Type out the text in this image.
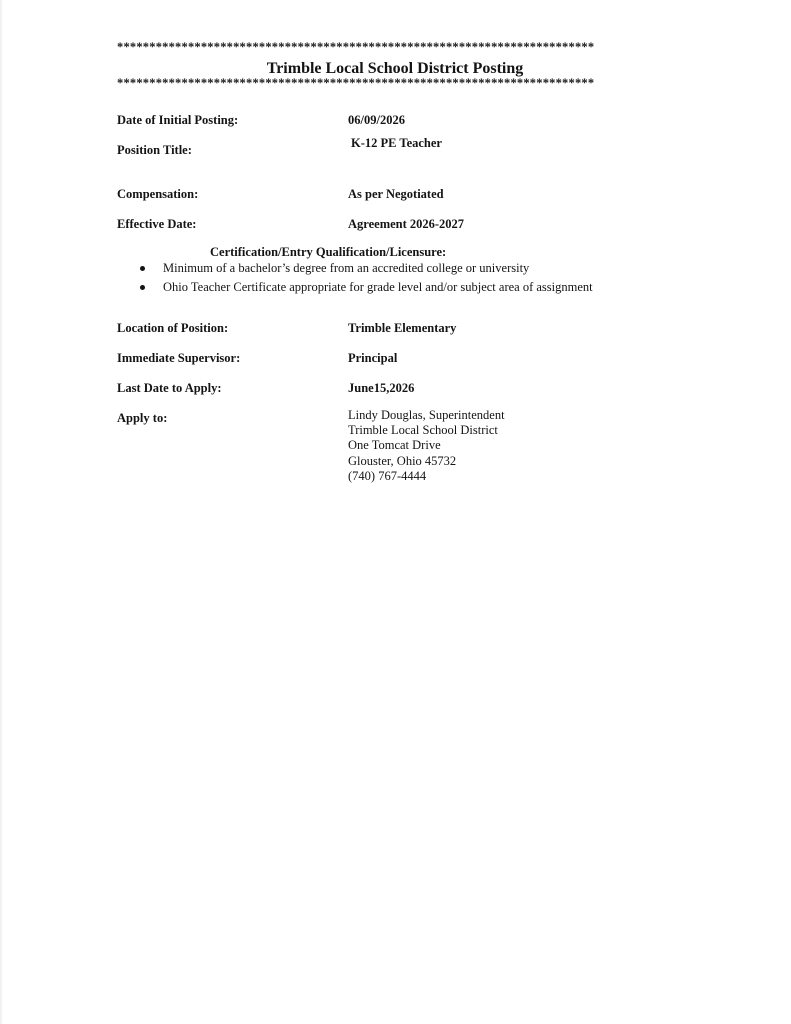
**************************************************************************
Trimble Local School District Posting
**************************************************************************
Date of Initial Posting:	06/09/2026
Position Title:	K-12 PE Teacher
Compensation:	As per Negotiated
Effective Date:	Agreement 2026-2027
Certification/Entry Qualification/Licensure:
Minimum of a bachelor’s degree from an accredited college or university
Ohio Teacher Certificate appropriate for grade level and/or subject area of assignment
Location of Position:	Trimble Elementary
Immediate Supervisor:	Principal
Last Date to Apply:	June15,2026
Apply to:	Lindy Douglas, Superintendent
Trimble Local School District
One Tomcat Drive
Glouster, Ohio 45732
(740) 767-4444
